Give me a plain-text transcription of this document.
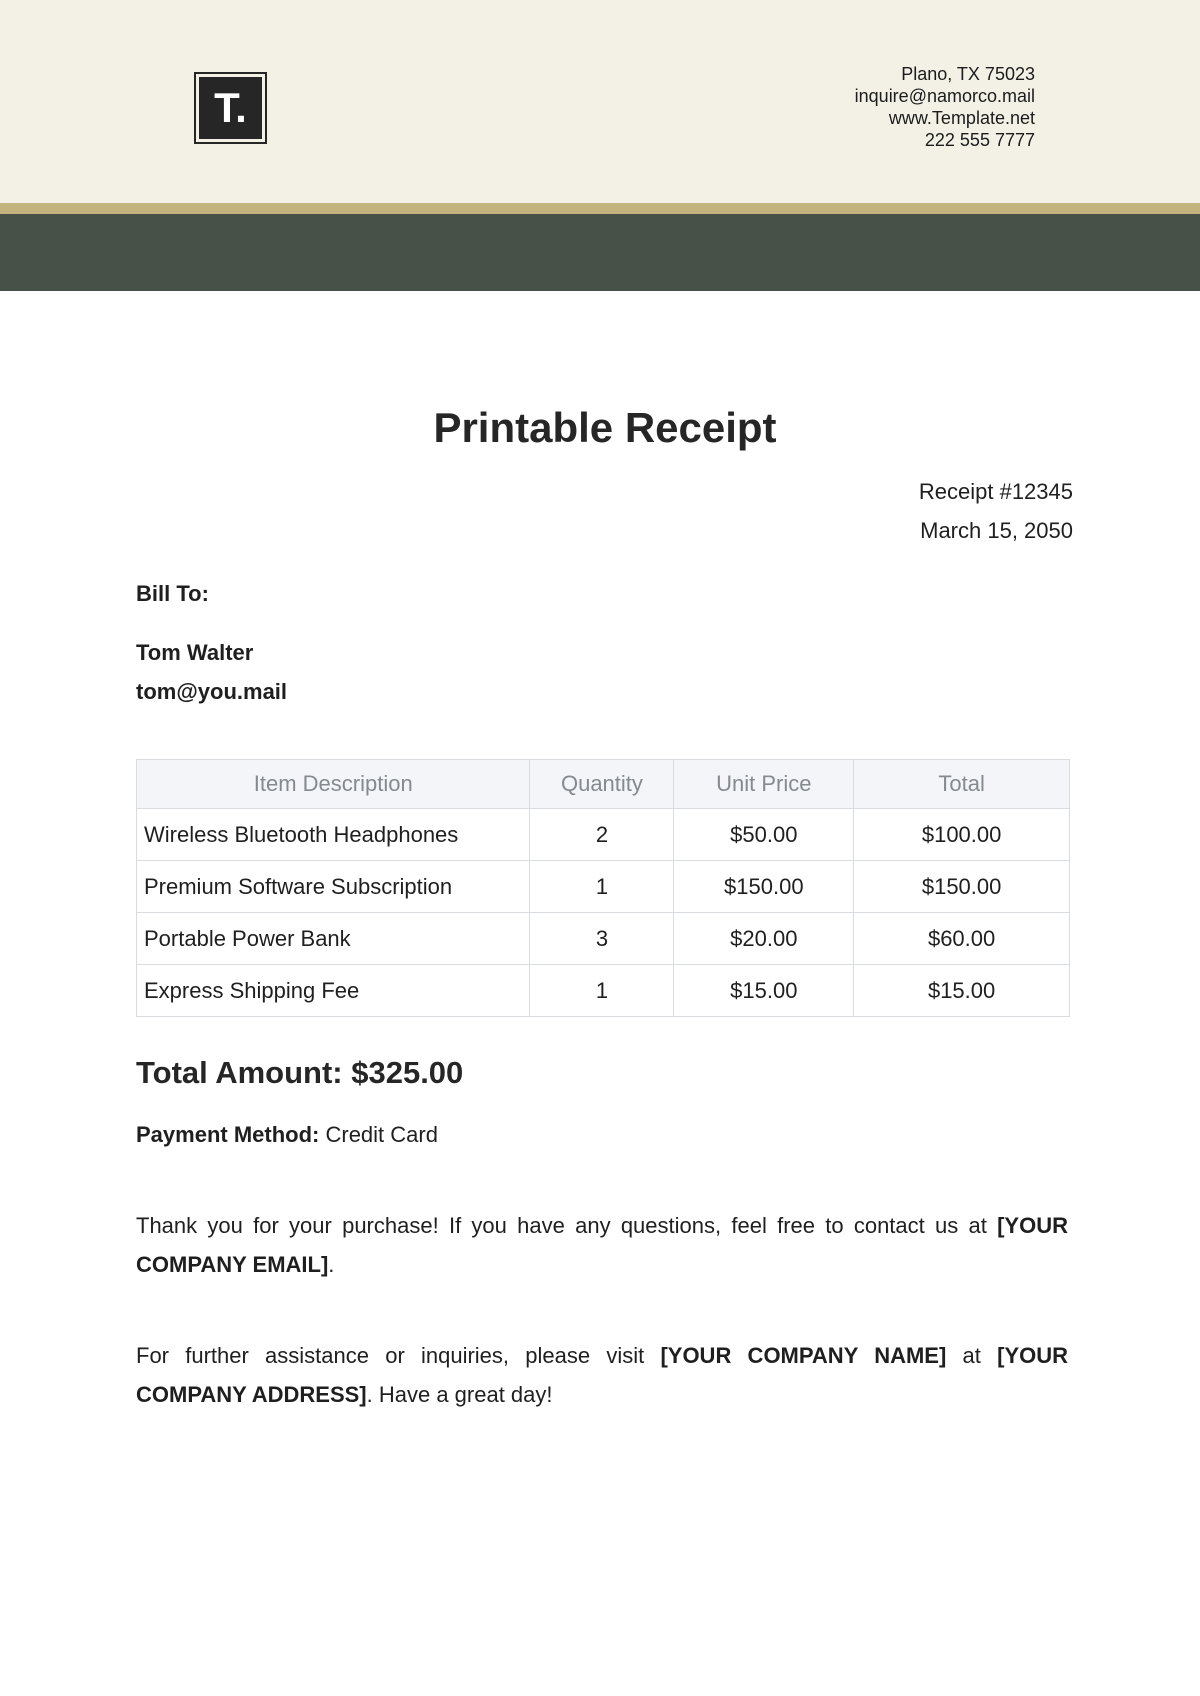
T.
Plano, TX 75023
inquire@namorco.mail
www.Template.net
222 555 7777
Printable Receipt
Receipt #12345
March 15, 2050
Bill To:
Tom Walter
tom@you.mail
Item Description	Quantity	Unit Price	Total
Wireless Bluetooth Headphones	2	$50.00	$100.00
Premium Software Subscription	1	$150.00	$150.00
Portable Power Bank	3	$20.00	$60.00
Express Shipping Fee	1	$15.00	$15.00
Total Amount: $325.00
Payment Method: Credit Card

Thank you for your purchase! If you have any questions, feel free to contact us at [YOUR COMPANY EMAIL].

For further assistance or inquiries, please visit [YOUR COMPANY NAME] at [YOUR COMPANY ADDRESS]. Have a great day!
